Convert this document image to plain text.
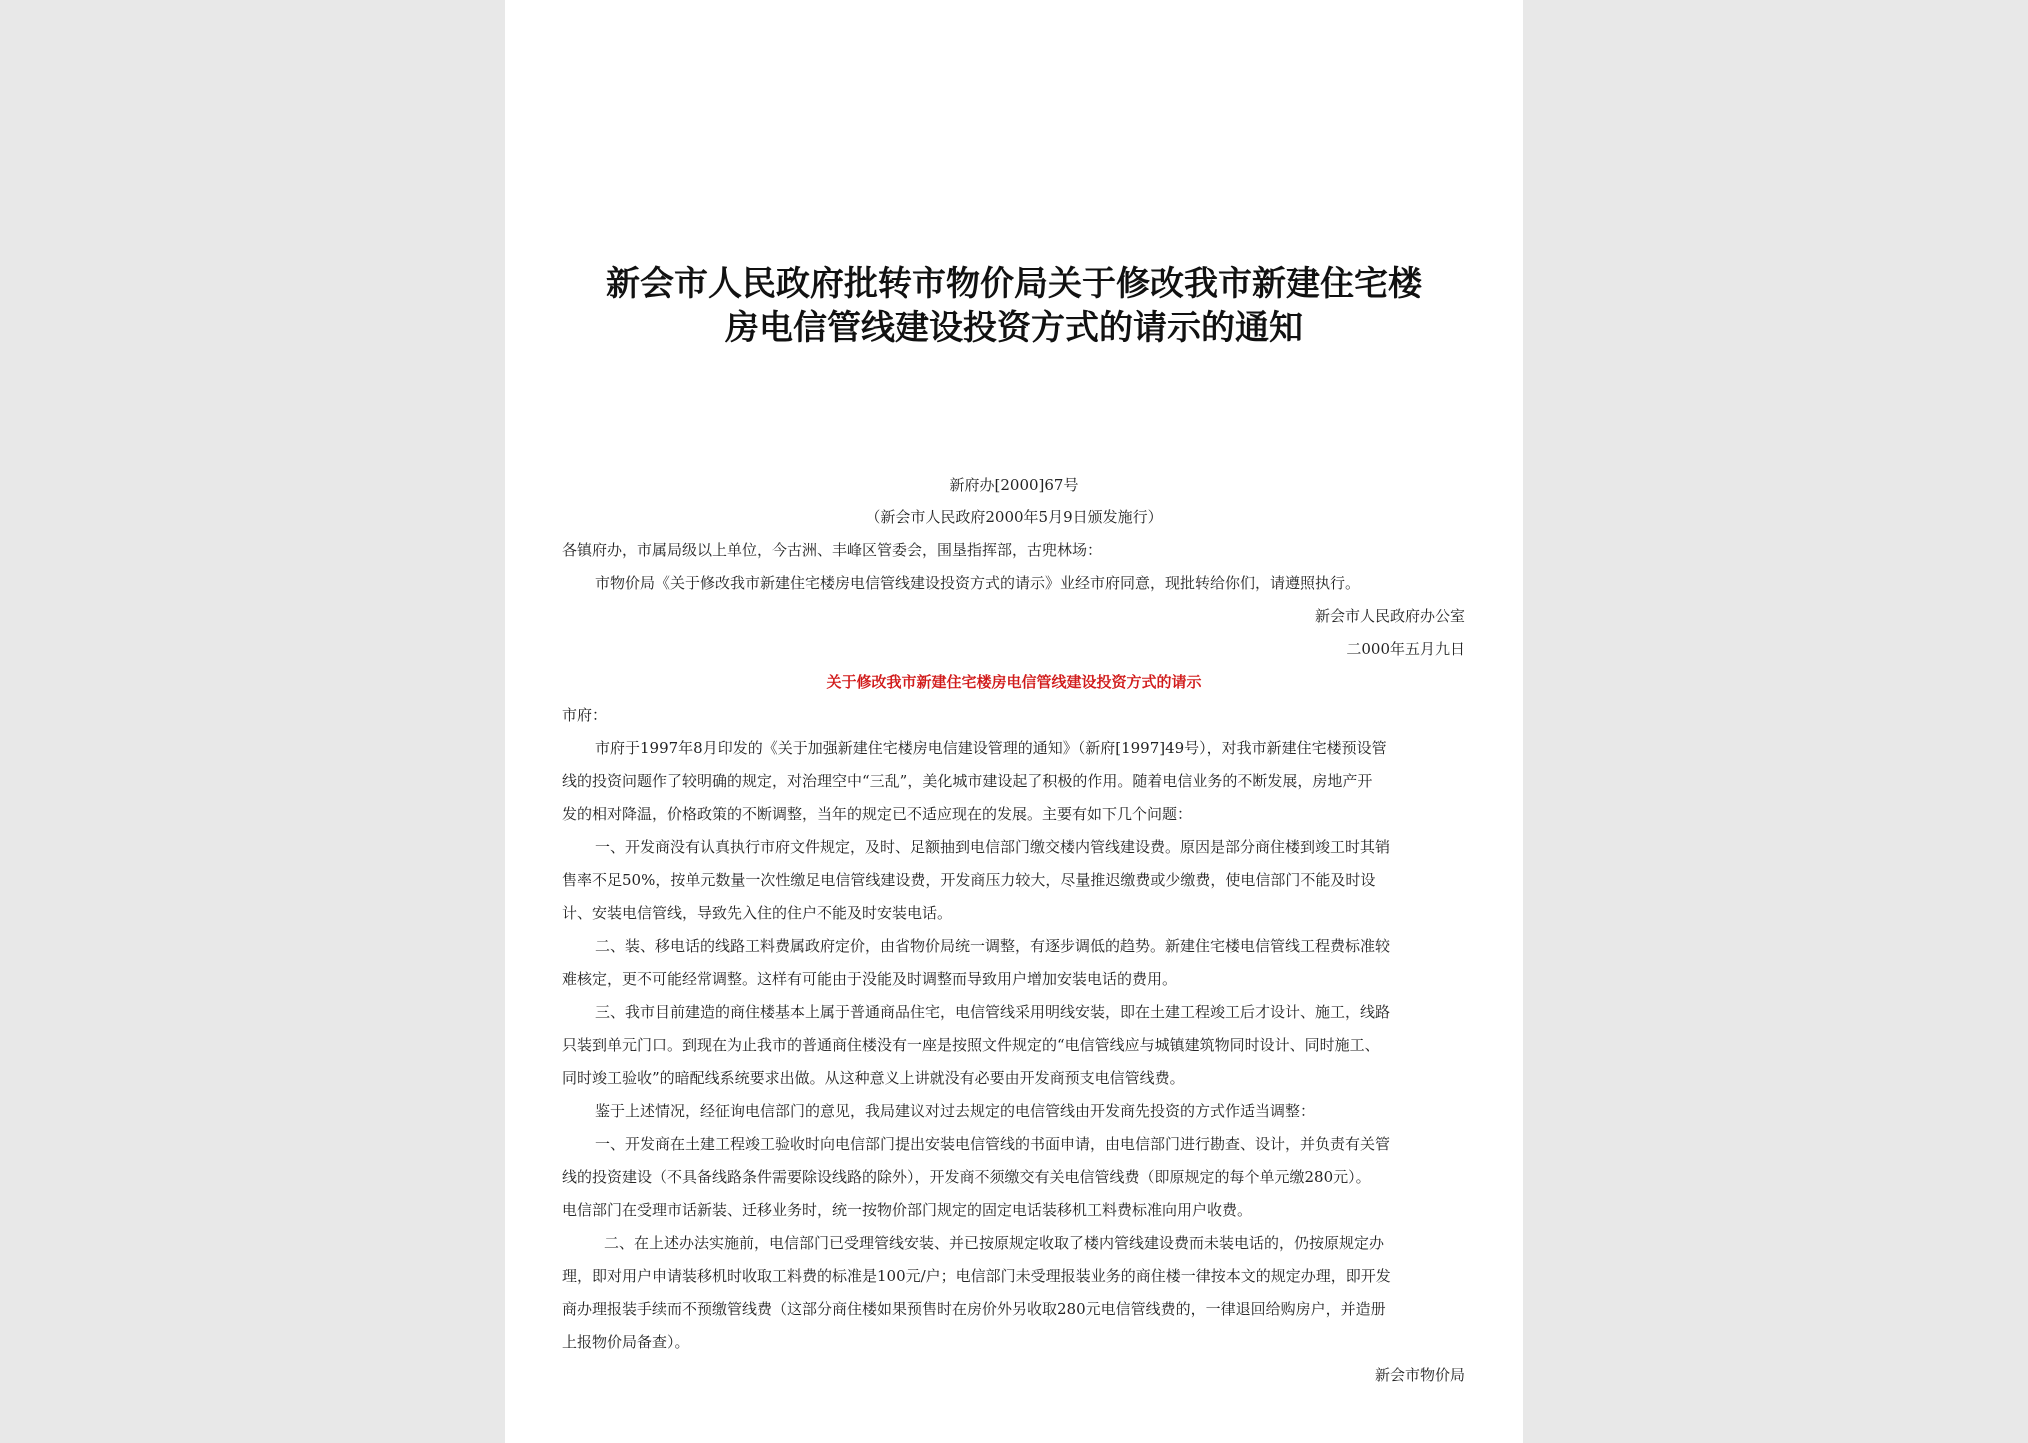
新会市人民政府批转市物价局关于修改我市新建住宅楼
房电信管线建设投资方式的请示的通知
新府办[2000]67号
（新会市人民政府2000年5月9日颁发施行）
各镇府办，市属局级以上单位，今古洲、丰峰区管委会，围垦指挥部，古兜林场：
市物价局《关于修改我市新建住宅楼房电信管线建设投资方式的请示》业经市府同意，现批转给你们，请遵照执行。
新会市人民政府办公室
二000年五月九日
关于修改我市新建住宅楼房电信管线建设投资方式的请示
市府：
市府于1997年8月印发的《关于加强新建住宅楼房电信建设管理的通知》（新府[1997]49号），对我市新建住宅楼预设管
线的投资问题作了较明确的规定，对治理空中“三乱”，美化城市建设起了积极的作用。随着电信业务的不断发展，房地产开
发的相对降温，价格政策的不断调整，当年的规定已不适应现在的发展。主要有如下几个问题：
一、开发商没有认真执行市府文件规定，及时、足额抽到电信部门缴交楼内管线建设费。原因是部分商住楼到竣工时其销
售率不足50%，按单元数量一次性缴足电信管线建设费，开发商压力较大，尽量推迟缴费或少缴费，使电信部门不能及时设
计、安装电信管线，导致先入住的住户不能及时安装电话。
二、装、移电话的线路工料费属政府定价，由省物价局统一调整，有逐步调低的趋势。新建住宅楼电信管线工程费标准较
难核定，更不可能经常调整。这样有可能由于没能及时调整而导致用户增加安装电话的费用。
三、我市目前建造的商住楼基本上属于普通商品住宅，电信管线采用明线安装，即在土建工程竣工后才设计、施工，线路
只装到单元门口。到现在为止我市的普通商住楼没有一座是按照文件规定的“电信管线应与城镇建筑物同时设计、同时施工、
同时竣工验收”的暗配线系统要求出做。从这种意义上讲就没有必要由开发商预支电信管线费。
鉴于上述情况，经征询电信部门的意见，我局建议对过去规定的电信管线由开发商先投资的方式作适当调整：
一、开发商在土建工程竣工验收时向电信部门提出安装电信管线的书面申请，由电信部门进行勘查、设计，并负责有关管
线的投资建设（不具备线路条件需要除设线路的除外），开发商不须缴交有关电信管线费（即原规定的每个单元缴280元）。
电信部门在受理市话新装、迁移业务时，统一按物价部门规定的固定电话装移机工料费标准向用户收费。
二、在上述办法实施前，电信部门已受理管线安装、并已按原规定收取了楼内管线建设费而未装电话的，仍按原规定办
理，即对用户申请装移机时收取工料费的标准是100元/户；电信部门未受理报装业务的商住楼一律按本文的规定办理，即开发
商办理报装手续而不预缴管线费（这部分商住楼如果预售时在房价外另收取280元电信管线费的，一律退回给购房户，并造册
上报物价局备查）。
新会市物价局
